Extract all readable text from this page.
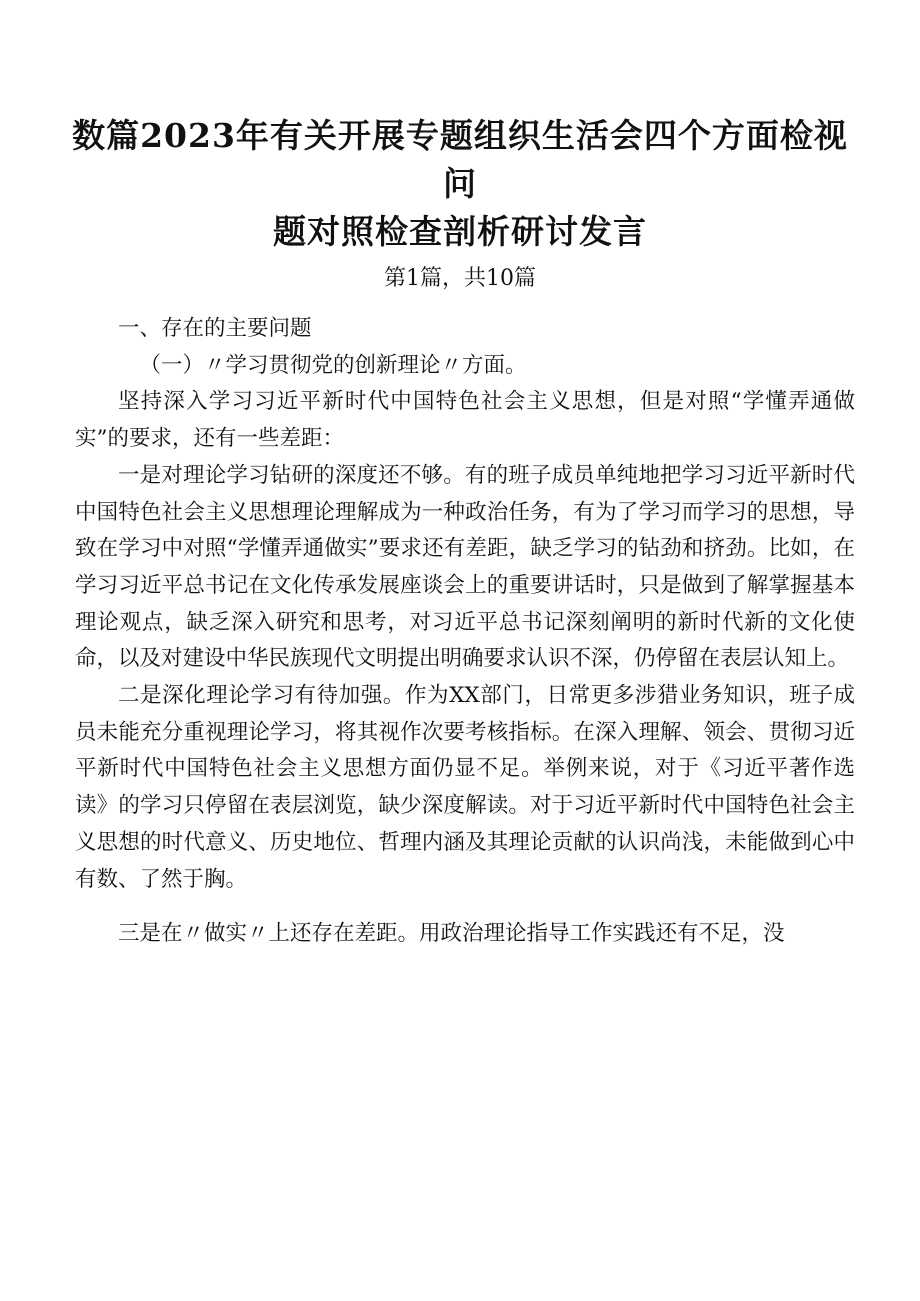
数篇2023年有关开展专题组织生活会四个方面检视问
题对照检查剖析研讨发言

第1篇，共10篇

一、存在的主要问题

（一）〃学习贯彻党的创新理论〃方面。

坚持深入学习习近平新时代中国特色社会主义思想，但是对照“学懂弄通做实”的要求，还有一些差距：

一是对理论学习钻研的深度还不够。有的班子成员单纯地把学习习近平新时代中国特色社会主义思想理论理解成为一种政治任务，有为了学习而学习的思想，导致在学习中对照“学懂弄通做实”要求还有差距，缺乏学习的钻劲和挤劲。比如，在学习习近平总书记在文化传承发展座谈会上的重要讲话时，只是做到了解掌握基本理论观点，缺乏深入研究和思考，对习近平总书记深刻阐明的新时代新的文化使命，以及对建设中华民族现代文明提出明确要求认识不深，仍停留在表层认知上。

二是深化理论学习有待加强。作为XX部门，日常更多涉猎业务知识，班子成员未能充分重视理论学习，将其视作次要考核指标。在深入理解、领会、贯彻习近平新时代中国特色社会主义思想方面仍显不足。举例来说，对于《习近平著作选读》的学习只停留在表层浏览，缺少深度解读。对于习近平新时代中国特色社会主义思想的时代意义、历史地位、哲理内涵及其理论贡献的认识尚浅，未能做到心中有数、了然于胸。

三是在〃做实〃上还存在差距。用政治理论指导工作实践还有不足，没
